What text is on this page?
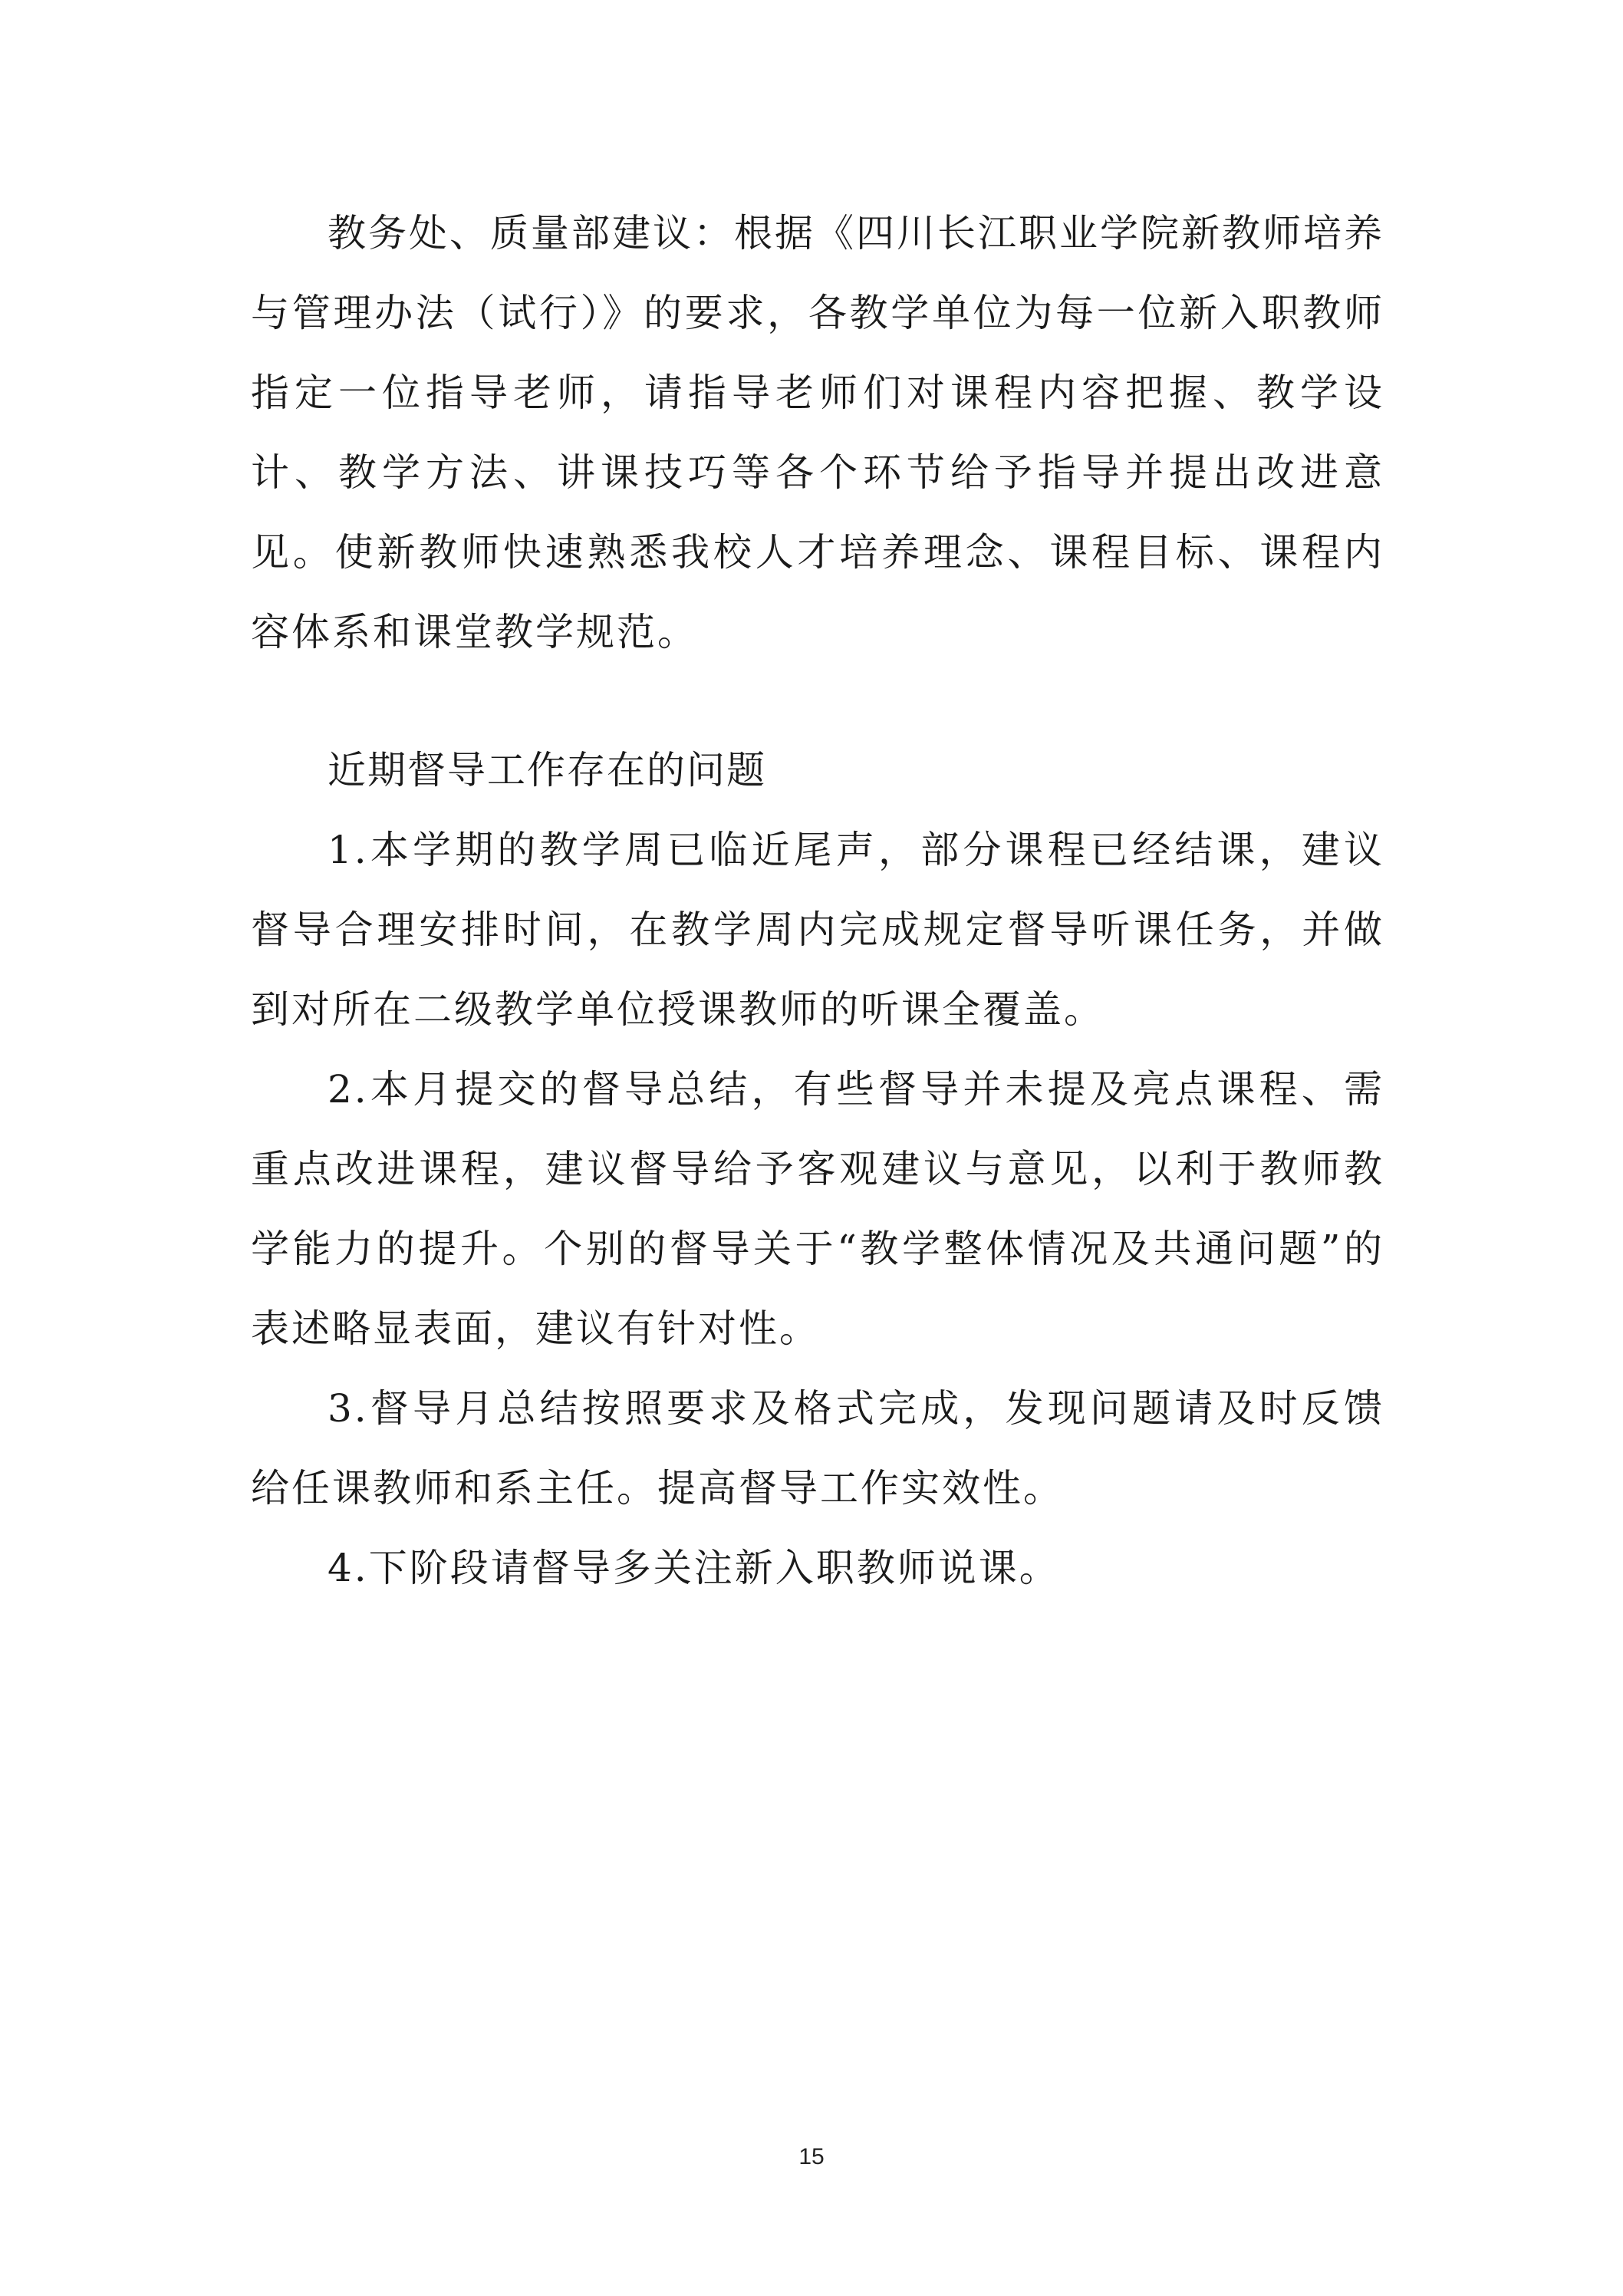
教务处、质量部建议：根据《四川长江职业学院新教师培养与管理办法（试行）》的要求，各教学单位为每一位新入职教师指定一位指导老师，请指导老师们对课程内容把握、教学设计、教学方法、讲课技巧等各个环节给予指导并提出改进意见。使新教师快速熟悉我校人才培养理念、课程目标、课程内容体系和课堂教学规范。

近期督导工作存在的问题

1.本学期的教学周已临近尾声，部分课程已经结课，建议督导合理安排时间，在教学周内完成规定督导听课任务，并做到对所在二级教学单位授课教师的听课全覆盖。

2.本月提交的督导总结，有些督导并未提及亮点课程、需重点改进课程，建议督导给予客观建议与意见，以利于教师教学能力的提升。个别的督导关于“教学整体情况及共通问题”的表述略显表面，建议有针对性。

3.督导月总结按照要求及格式完成，发现问题请及时反馈给任课教师和系主任。提高督导工作实效性。

4.下阶段请督导多关注新入职教师说课。

15
